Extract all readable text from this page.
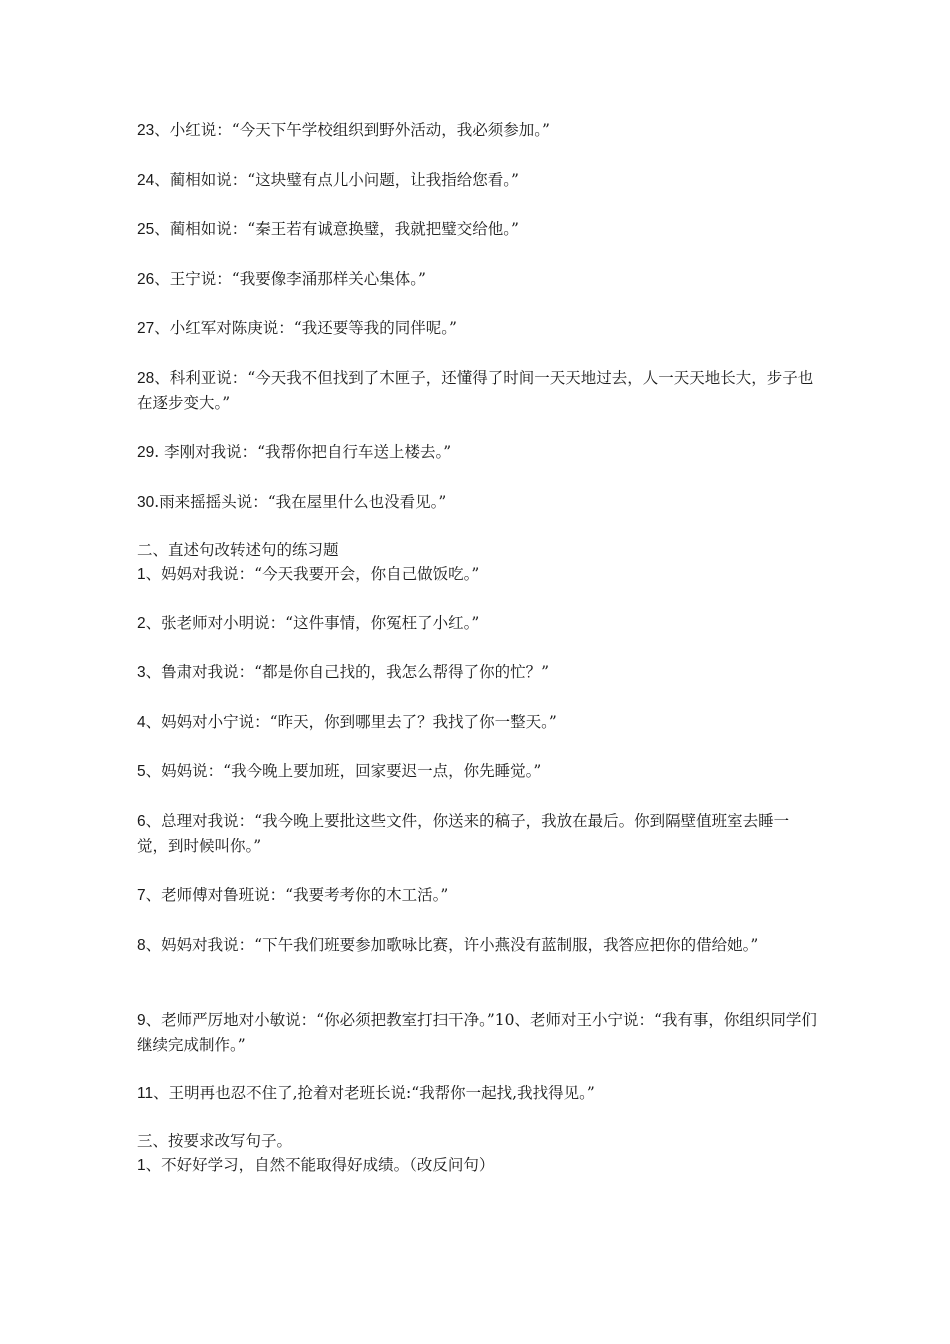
23、小红说：“今天下午学校组织到野外活动，我必须参加。”
24、蔺相如说：“这块璧有点儿小问题，让我指给您看。”
25、蔺相如说：“秦王若有诚意换璧，我就把璧交给他。”
26、王宁说：“我要像李涌那样关心集体。”
27、小红军对陈庚说：“我还要等我的同伴呢。”
28、科利亚说：“今天我不但找到了木匣子，还懂得了时间一天天地过去，人一天天地长大，步子也在逐步变大。”
29. 李刚对我说：“我帮你把自行车送上楼去。”
30.雨来摇摇头说：“我在屋里什么也没看见。”
二、直述句改转述句的练习题
1、妈妈对我说：“今天我要开会，你自己做饭吃。”
2、张老师对小明说：“这件事情，你冤枉了小红。”
3、鲁肃对我说：“都是你自己找的，我怎么帮得了你的忙？”
4、妈妈对小宁说：“昨天，你到哪里去了？我找了你一整天。”
5、妈妈说：“我今晚上要加班，回家要迟一点，你先睡觉。”
6、总理对我说：“我今晚上要批这些文件，你送来的稿子，我放在最后。你到隔壁值班室去睡一觉，到时候叫你。”
7、老师傅对鲁班说：“我要考考你的木工活。”
8、妈妈对我说：“下午我们班要参加歌咏比赛，许小燕没有蓝制服，我答应把你的借给她。”
9、老师严厉地对小敏说：“你必须把教室打扫干净。”10、老师对王小宁说：“我有事，你组织同学们继续完成制作。”
11、王明再也忍不住了,抢着对老班长说:“我帮你一起找,我找得见。”
三、按要求改写句子。
1、不好好学习，自然不能取得好成绩。（改反问句）
